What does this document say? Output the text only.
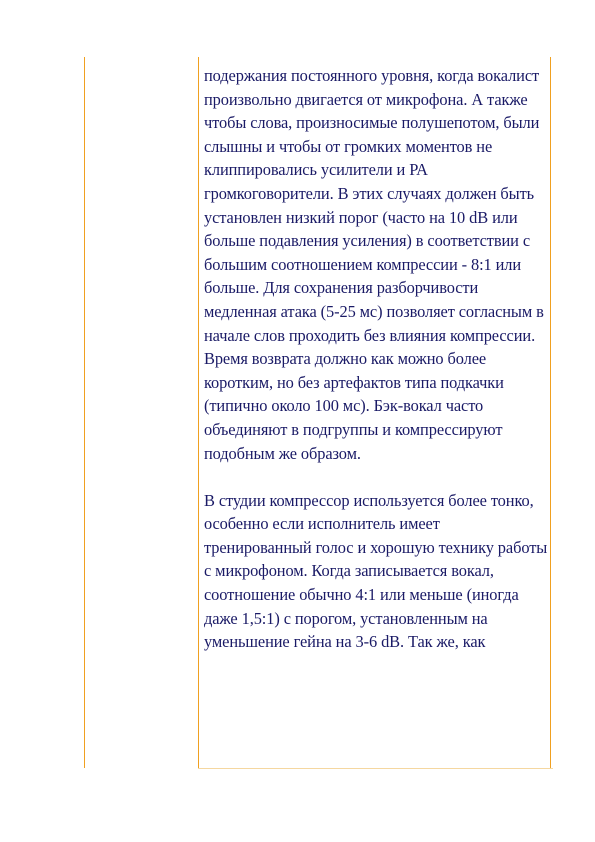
подержания постоянного уровня, когда вокалист произвольно двигается от микрофона. А также чтобы слова, произносимые полушепотом, были слышны и чтобы от громких моментов не клиппировались усилители и РА громкоговорители. В этих случаях должен быть установлен низкий порог (часто на 10 dB или больше подавления усиления) в соответствии с большим соотношением компрессии - 8:1 или больше. Для сохранения разборчивости медленная атака (5-25 мс) позволяет согласным в начале слов проходить без влияния компрессии. Время возврата должно как можно более коротким, но без артефактов типа подкачки (типично около 100 мс). Бэк-вокал часто объединяют в подгруппы и компрессируют подобным же образом.

В студии компрессор используется более тонко, особенно если исполнитель имеет тренированный голос и хорошую технику работы с микрофоном. Когда записывается вокал, соотношение обычно 4:1 или меньше (иногда даже 1,5:1) с порогом, установленным на уменьшение гейна на 3-6 dB. Так же, как
